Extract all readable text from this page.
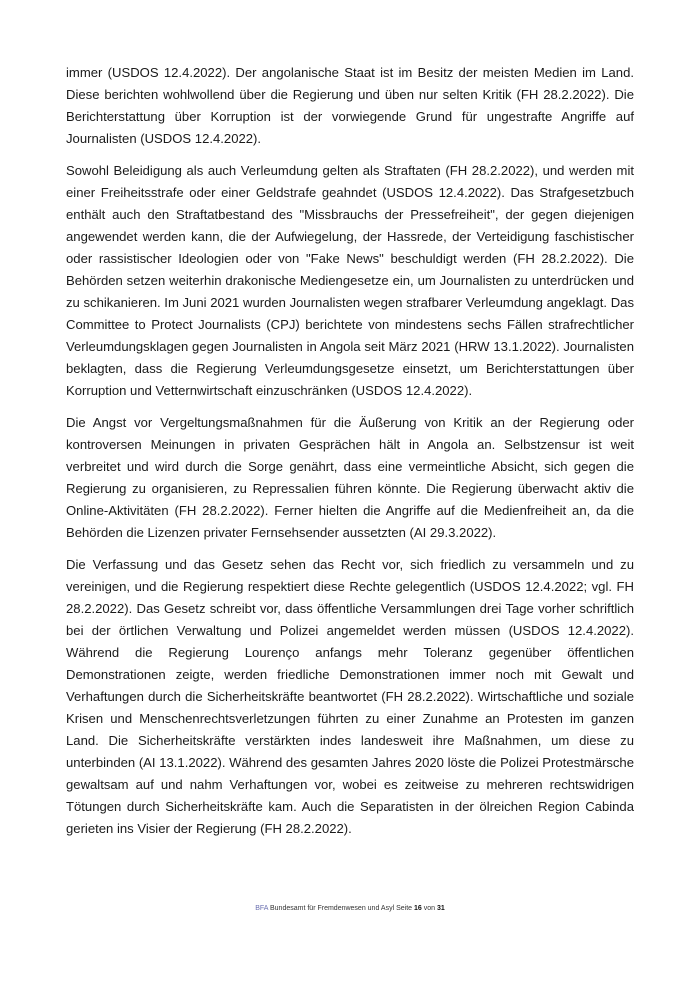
immer (USDOS 12.4.2022). Der angolanische Staat ist im Besitz der meisten Medien im Land. Diese berichten wohlwollend über die Regierung und üben nur selten Kritik (FH 28.2.2022). Die Berichterstattung über Korruption ist der vorwiegende Grund für ungestrafte Angriffe auf Journalisten (USDOS 12.4.2022).

Sowohl Beleidigung als auch Verleumdung gelten als Straftaten (FH 28.2.2022), und werden mit einer Freiheitsstrafe oder einer Geldstrafe geahndet (USDOS 12.4.2022). Das Strafgesetzbuch enthält auch den Straftatbestand des "Missbrauchs der Pressefreiheit", der gegen diejenigen angewendet werden kann, die der Aufwiegelung, der Hassrede, der Verteidigung faschistischer oder rassistischer Ideologien oder von "Fake News" beschuldigt werden (FH 28.2.2022). Die Behörden setzen weiterhin drakonische Mediengesetze ein, um Journalisten zu unterdrücken und zu schikanieren. Im Juni 2021 wurden Journalisten wegen strafbarer Verleumdung angeklagt. Das Committee to Protect Journalists (CPJ) berichtete von mindestens sechs Fällen strafrechtlicher Verleumdungsklagen gegen Journalisten in Angola seit März 2021 (HRW 13.1.2022). Journalisten beklagten, dass die Regierung Verleumdungsgesetze einsetzt, um Berichterstattungen über Korruption und Vetternwirtschaft einzuschränken (USDOS 12.4.2022).

Die Angst vor Vergeltungsmaßnahmen für die Äußerung von Kritik an der Regierung oder kontroversen Meinungen in privaten Gesprächen hält in Angola an. Selbstzensur ist weit verbreitet und wird durch die Sorge genährt, dass eine vermeintliche Absicht, sich gegen die Regierung zu organisieren, zu Repressalien führen könnte. Die Regierung überwacht aktiv die Online-Aktivitäten (FH 28.2.2022). Ferner hielten die Angriffe auf die Medienfreiheit an, da die Behörden die Lizenzen privater Fernsehsender aussetzten (AI 29.3.2022).

Die Verfassung und das Gesetz sehen das Recht vor, sich friedlich zu versammeln und zu vereinigen, und die Regierung respektiert diese Rechte gelegentlich (USDOS 12.4.2022; vgl. FH 28.2.2022). Das Gesetz schreibt vor, dass öffentliche Versammlungen drei Tage vorher schriftlich bei der örtlichen Verwaltung und Polizei angemeldet werden müssen (USDOS 12.4.2022). Während die Regierung Lourenço anfangs mehr Toleranz gegenüber öffentlichen Demonstrationen zeigte, werden friedliche Demonstrationen immer noch mit Gewalt und Verhaftungen durch die Sicherheitskräfte beantwortet (FH 28.2.2022). Wirtschaftliche und soziale Krisen und Menschenrechtsverletzungen führten zu einer Zunahme an Protesten im ganzen Land. Die Sicherheitskräfte verstärkten indes landesweit ihre Maßnahmen, um diese zu unterbinden (AI 13.1.2022). Während des gesamten Jahres 2020 löste die Polizei Protestmärsche gewaltsam auf und nahm Verhaftungen vor, wobei es zeitweise zu mehreren rechtswidrigen Tötungen durch Sicherheitskräfte kam. Auch die Separatisten in der ölreichen Region Cabinda gerieten ins Visier der Regierung (FH 28.2.2022).

BFA Bundesamt für Fremdenwesen und Asyl Seite 16 von 31
